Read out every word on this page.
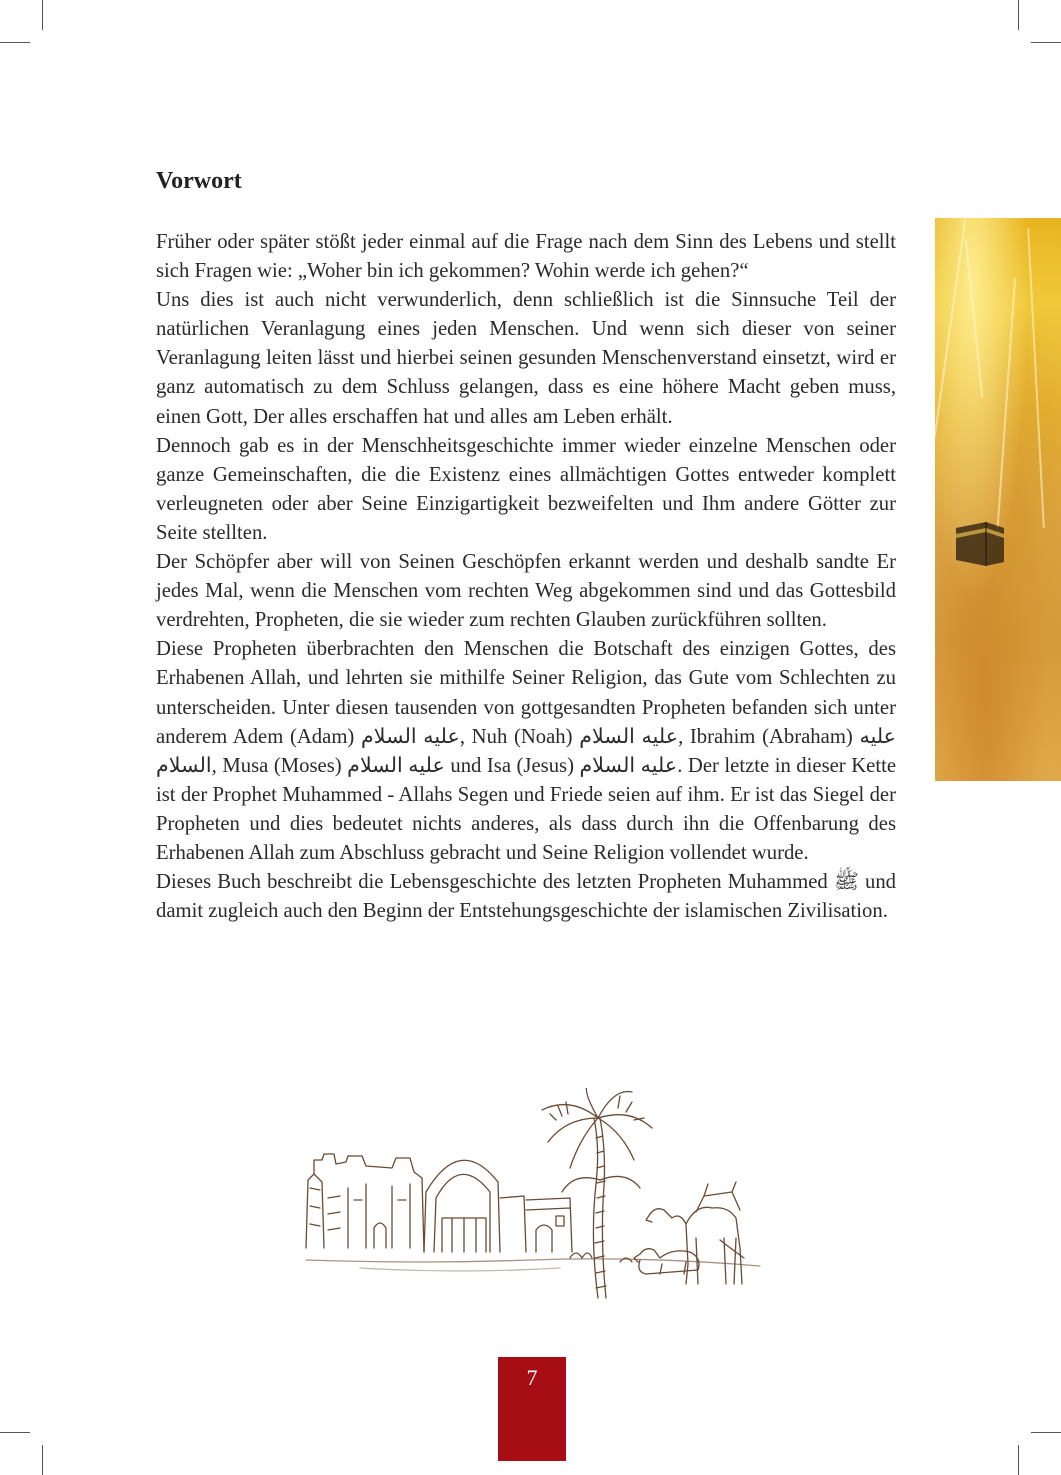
Vorwort

Früher oder später stößt jeder einmal auf die Frage nach dem Sinn des Lebens und stellt sich Fragen wie: „Woher bin ich gekommen? Wohin werde ich gehen?“

Uns dies ist auch nicht verwunderlich, denn schließlich ist die Sinnsuche Teil der natürlichen Veranlagung eines jeden Menschen. Und wenn sich dieser von seiner Veranlagung leiten lässt und hierbei seinen gesunden Menschenverstand einsetzt, wird er ganz automatisch zu dem Schluss gelangen, dass es eine höhere Macht geben muss, einen Gott, Der alles erschaffen hat und alles am Leben erhält.

Dennoch gab es in der Menschheitsgeschichte immer wieder einzelne Menschen oder ganze Gemeinschaften, die die Existenz eines allmächtigen Gottes entweder komplett verleugneten oder aber Seine Einzigartigkeit bezweifelten und Ihm andere Götter zur Seite stellten.

Der Schöpfer aber will von Seinen Geschöpfen erkannt werden und deshalb sandte Er jedes Mal, wenn die Menschen vom rechten Weg abgekommen sind und das Gottesbild verdrehten, Propheten, die sie wieder zum rechten Glauben zurückführen sollten.

Diese Propheten überbrachten den Menschen die Botschaft des einzigen Gottes, des Erhabenen Allah, und lehrten sie mithilfe Seiner Religion, das Gute vom Schlechten zu unterscheiden. Unter diesen tausenden von gottgesandten Propheten befanden sich unter anderem Adem (Adam) عليه السلام, Nuh (Noah) عليه السلام, Ibrahim (Abraham) عليه السلام, Musa (Moses) عليه السلام und Isa (Jesus) عليه السلام. Der letzte in dieser Kette ist der Prophet Muhammed - Allahs Segen und Friede seien auf ihm. Er ist das Siegel der Propheten und dies bedeutet nichts anderes, als dass durch ihn die Offenbarung des Erhabenen Allah zum Abschluss gebracht und Seine Religion vollendet wurde.

Dieses Buch beschreibt die Lebensgeschichte des letzten Propheten Muhammed ﷺ und damit zugleich auch den Beginn der Entstehungsgeschichte der islamischen Zivilisation.

7
